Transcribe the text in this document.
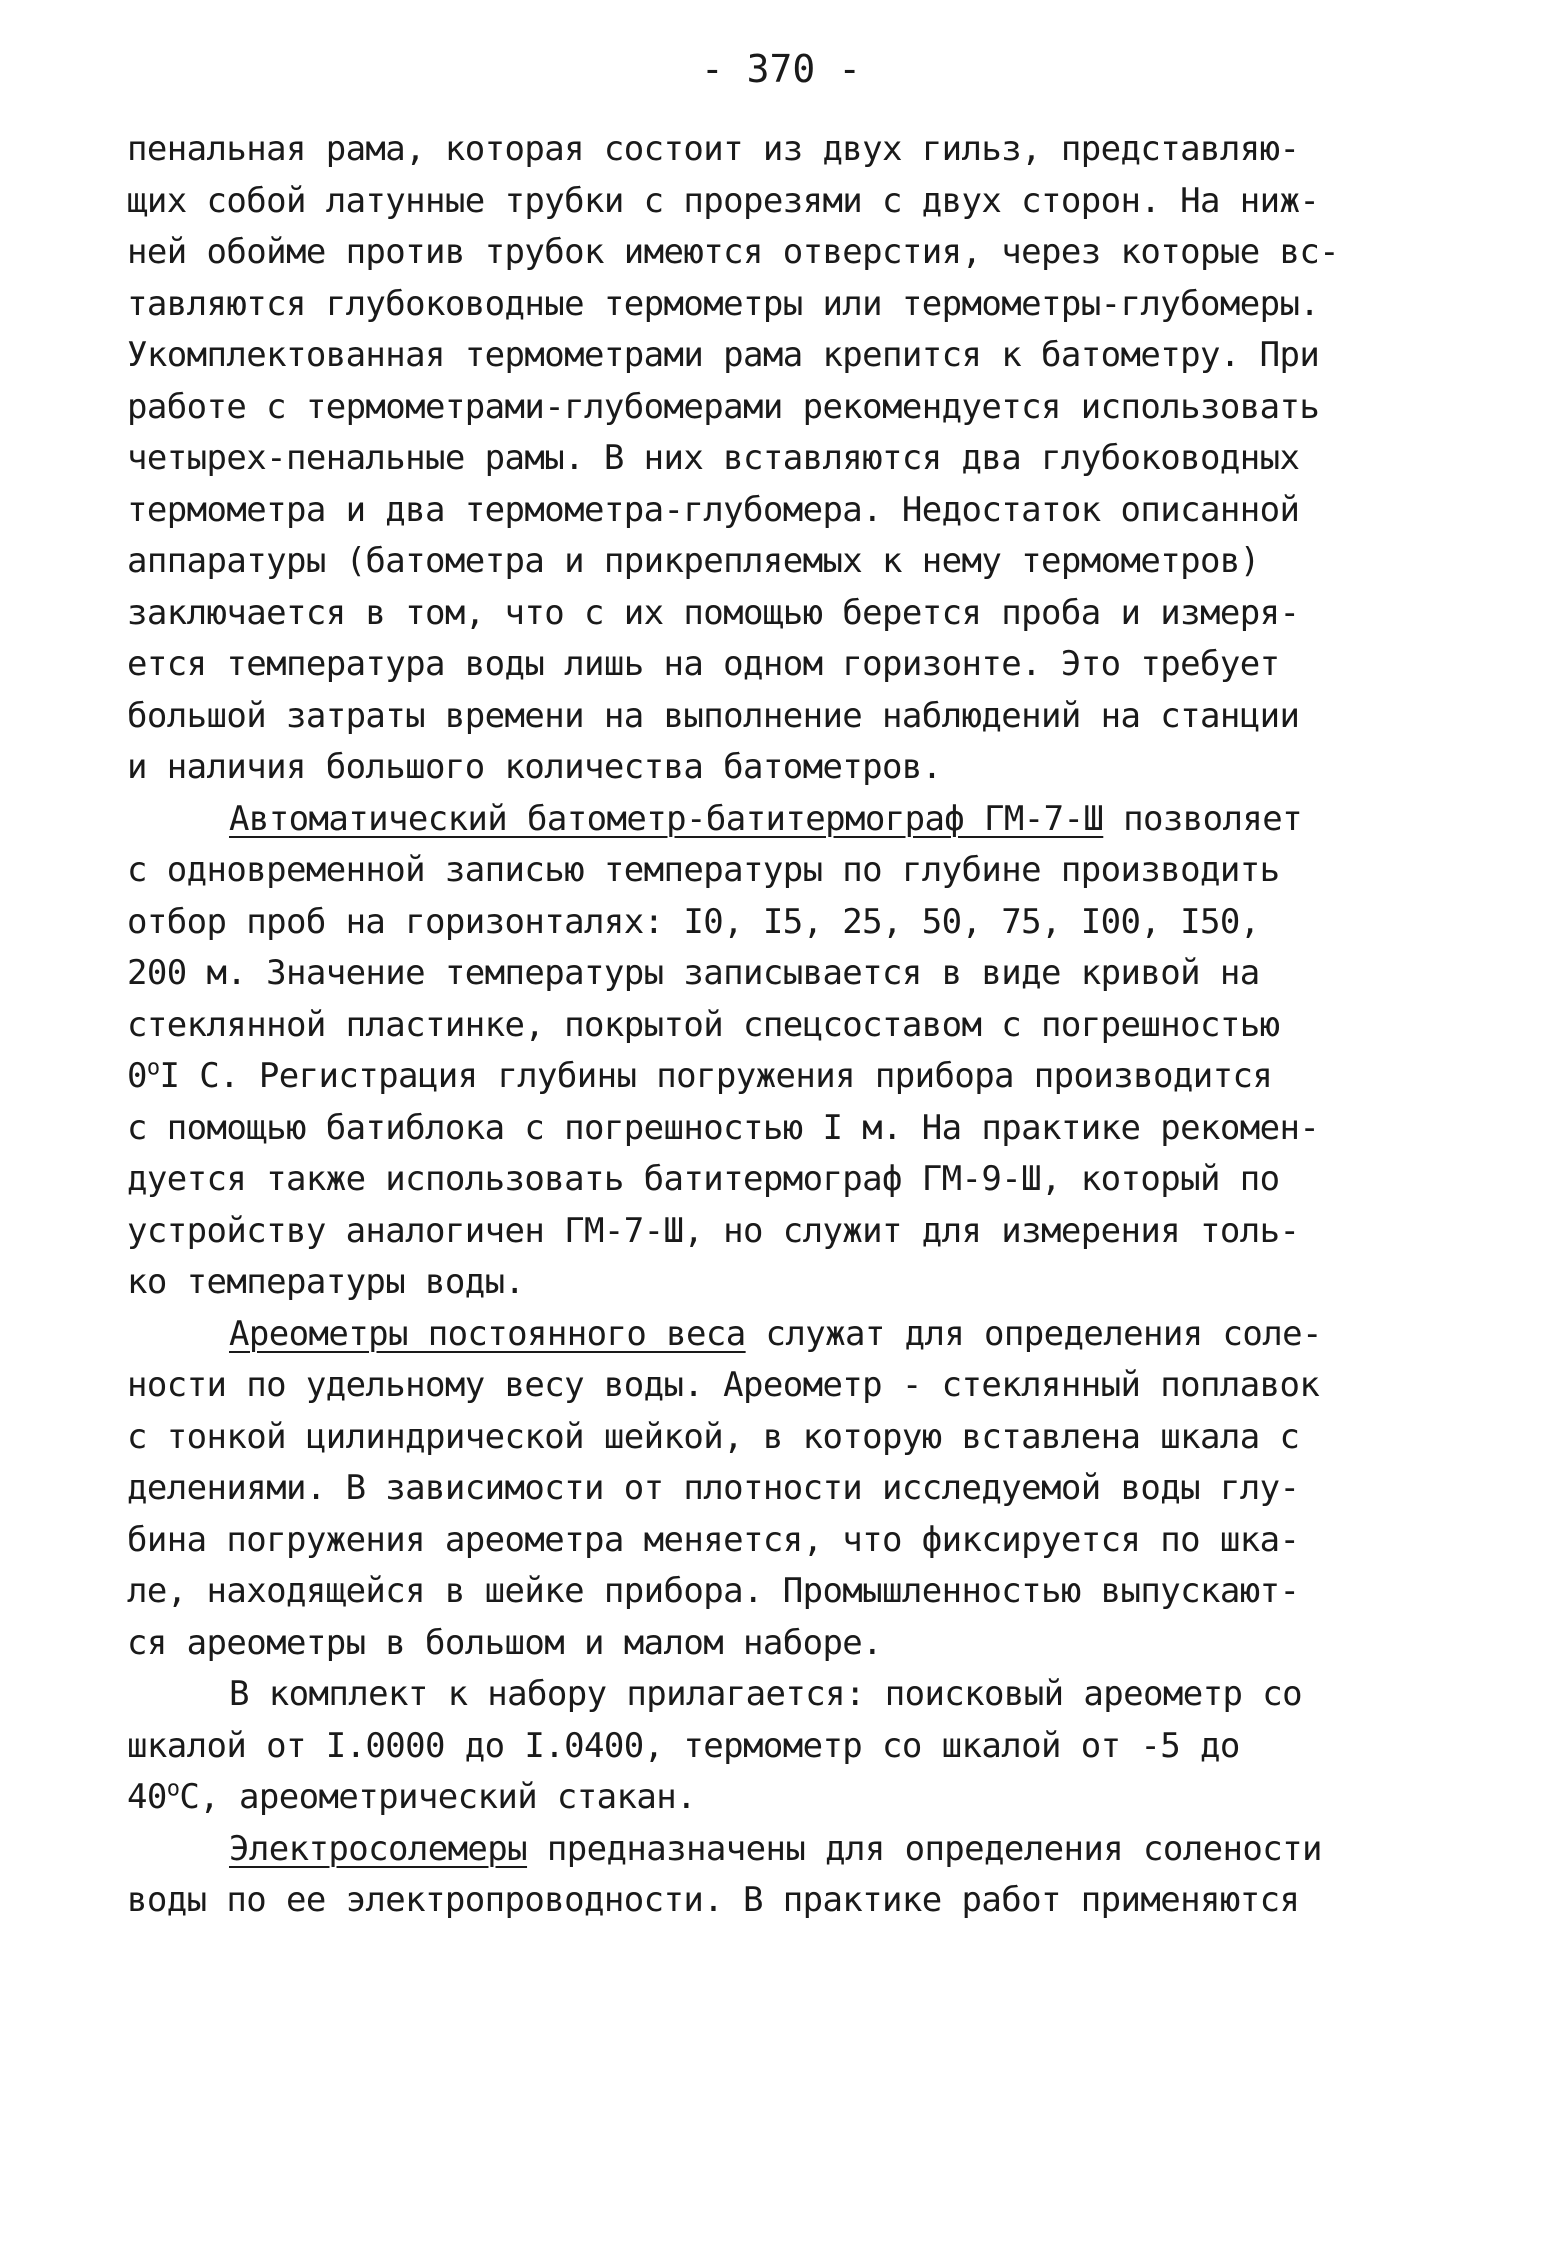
- 370 -
пенальная рама, которая состоит из двух гильз, представляю-
щих собой латунные трубки с прорезями с двух сторон. На ниж-
ней обойме против трубок имеются отверстия, через которые вс-
тавляются глубоководные термометры или термометры-глубомеры.
Укомплектованная термометрами рама крепится к батометру. При
работе с термометрами-глубомерами рекомендуется использовать
четырех-пенальные рамы. В них вставляются два глубоководных
термометра и два термометра-глубомера. Недостаток описанной
аппаратуры (батометра и прикрепляемых к нему термометров)
заключается в том, что с их помощью берется проба и измеря-
ется температура воды лишь на одном горизонте. Это требует
большой затраты времени на выполнение наблюдений на станции
и наличия большого количества батометров.
Автоматический батометр-батитермограф ГМ-7-Ш позволяет
с одновременной записью температуры по глубине производить
отбор проб на горизонталях: I0, I5, 25, 50, 75, I00, I50,
200 м. Значение температуры записывается в виде кривой на
стеклянной пластинке, покрытой спецсоставом с погрешностью
0$^o$I С. Регистрация глубины погружения прибора производится
с помощью батиблока с погрешностью I м. На практике рекомен-
дуется также использовать батитермограф ГМ-9-Ш, который по
устройству аналогичен ГМ-7-Ш, но служит для измерения толь-
ко температуры воды.
Ареометры постоянного веса служат для определения соле-
ности по удельному весу воды. Ареометр - стеклянный поплавок
с тонкой цилиндрической шейкой, в которую вставлена шкала с
делениями. В зависимости от плотности исследуемой воды глу-
бина погружения ареометра меняется, что фиксируется по шка-
ле, находящейся в шейке прибора. Промышленностью выпускают-
ся ареометры в большом и малом наборе.
В комплект к набору прилагается: поисковый ареометр со
шкалой от I.0000 до I.0400, термометр со шкалой от -5 до
40$^o$С, ареометрический стакан.
Электросолемеры предназначены для определения солености
воды по ее электропроводности. В практике работ применяются
